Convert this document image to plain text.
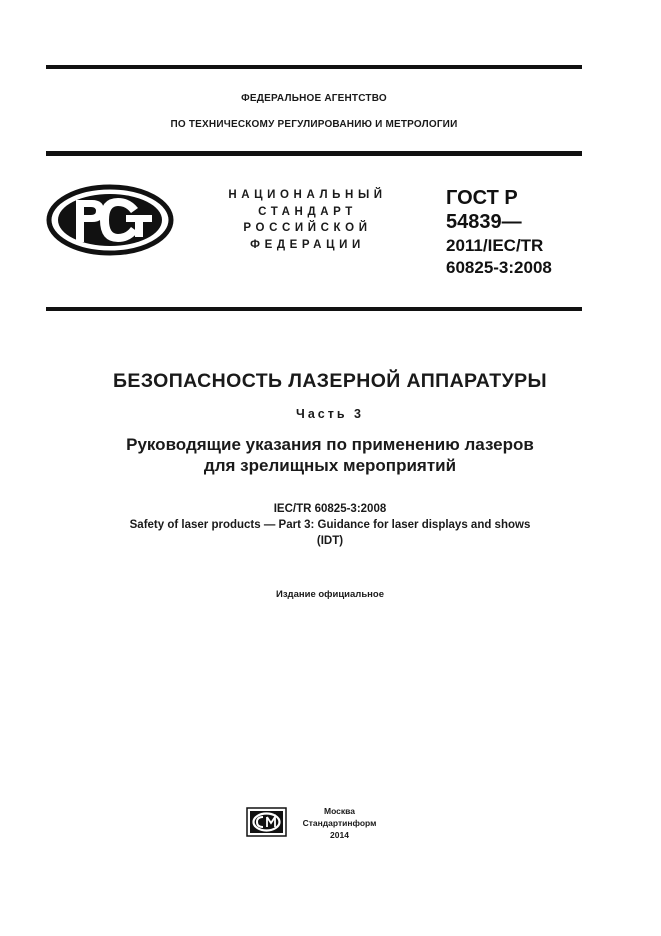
ФЕДЕРАЛЬНОЕ АГЕНТСТВО
ПО ТЕХНИЧЕСКОМУ РЕГУЛИРОВАНИЮ И МЕТРОЛОГИИ
НАЦИОНАЛЬНЫЙ
СТАНДАРТ
РОССИЙСКОЙ
ФЕДЕРАЦИИ
ГОСТ Р
54839—
2011/IEC/TR
60825-3:2008
БЕЗОПАСНОСТЬ ЛАЗЕРНОЙ АППАРАТУРЫ
Часть 3
Руководящие указания по применению лазеров
для зрелищных мероприятий
IEC/TR 60825-3:2008
Safety of laser products — Part 3: Guidance for laser displays and shows
(IDT)
Издание официальное
Москва
Стандартинформ
2014
